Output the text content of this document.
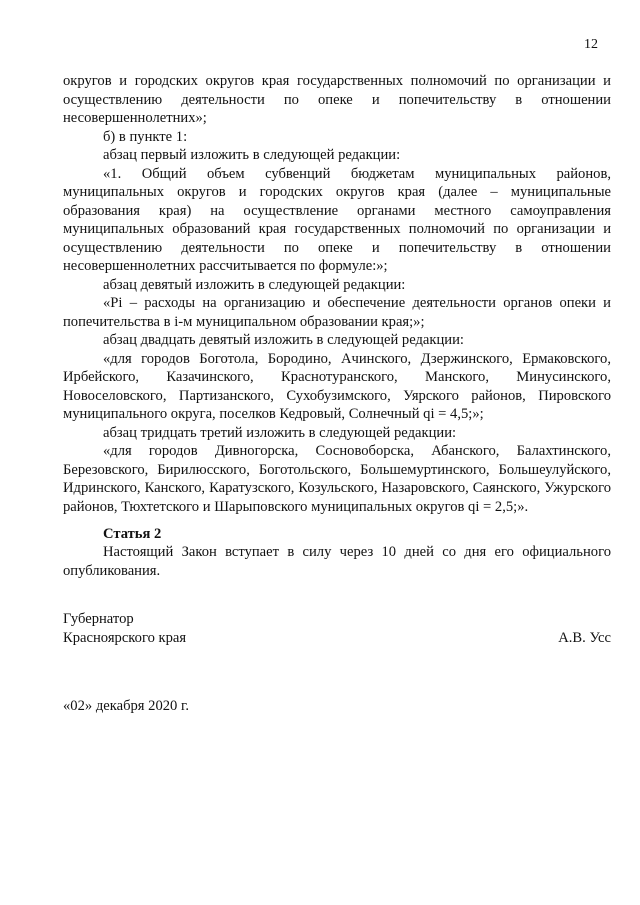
12

округов и городских округов края государственных полномочий по организации и осуществлению деятельности по опеке и попечительству в отношении несовершеннолетних»;

б) в пункте 1:

абзац первый изложить в следующей редакции:

«1. Общий объем субвенций бюджетам муниципальных районов, муниципальных округов и городских округов края (далее – муниципальные образования края) на осуществление органами местного самоуправления муниципальных образований края государственных полномочий по организации и осуществлению деятельности по опеке и попечительству в отношении несовершеннолетних рассчитывается по формуле:»;

абзац девятый изложить в следующей редакции:

«Pi – расходы на организацию и обеспечение деятельности органов опеки и попечительства в i-м муниципальном образовании края;»;

абзац двадцать девятый изложить в следующей редакции:

«для городов Боготола, Бородино, Ачинского, Дзержинского, Ермаковского, Ирбейского, Казачинского, Краснотуранского, Манского, Минусинского, Новоселовского, Партизанского, Сухобузимского, Уярского районов, Пировского муниципального округа, поселков Кедровый, Солнечный qi = 4,5;»;

абзац тридцать третий изложить в следующей редакции:

«для городов Дивногорска, Сосновоборска, Абанского, Балахтинского, Березовского, Бирилюсского, Боготольского, Большемуртинского, Большеулуйского, Идринского, Канского, Каратузского, Козульского, Назаровского, Саянского, Ужурского районов, Тюхтетского и Шарыповского муниципальных округов qi = 2,5;».

Статья 2

Настоящий Закон вступает в силу через 10 дней со дня его официального опубликования.

Губернатор
Красноярского края	А.В. Усс
«02» декабря 2020 г.
